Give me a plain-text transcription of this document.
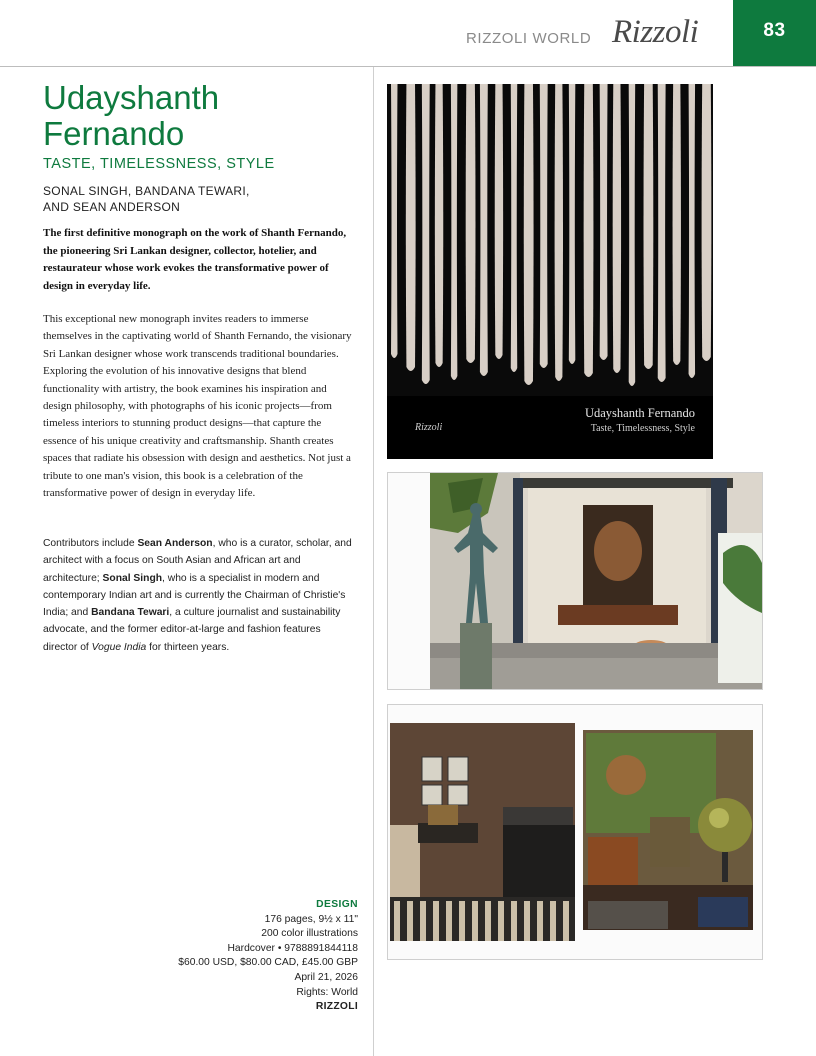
RIZZOLI WORLD Rizzoli	83
Udayshanth
Fernando
TASTE, TIMELESSNESS, STYLE
SONAL SINGH, BANDANA TEWARI,
AND SEAN ANDERSON
The first definitive monograph on the work of Shanth Fernando, the pioneering Sri Lankan designer, collector, hotelier, and restaurateur whose work evokes the transformative power of design in everyday life.
This exceptional new monograph invites readers to immerse themselves in the captivating world of Shanth Fernando, the visionary Sri Lankan designer whose work transcends traditional boundaries. Exploring the evolution of his innovative designs that blend functionality with artistry, the book examines his inspiration and design philosophy, with photographs of his iconic projects—from timeless interiors to stunning product designs—that capture the essence of his unique creativity and craftsmanship. Shanth creates spaces that radiate his obsession with design and aesthetics. Not just a tribute to one man's vision, this book is a celebration of the transformative power of design in everyday life.
Contributors include Sean Anderson, who is a curator, scholar, and architect with a focus on South Asian and African art and architecture; Sonal Singh, who is a specialist in modern and contemporary Indian art and is currently the Chairman of Christie's India; and Bandana Tewari, a culture journalist and sustainability advocate, and the former editor-at-large and fashion features director of Vogue India for thirteen years.
DESIGN
176 pages, 9½ x 11"
200 color illustrations
Hardcover • 9788891844118
$60.00 USD, $80.00 CAD, £45.00 GBP
April 21, 2026
Rights: World
RIZZOLI
Rizzoli
Udayshanth Fernando
Taste, Timelessness, Style
